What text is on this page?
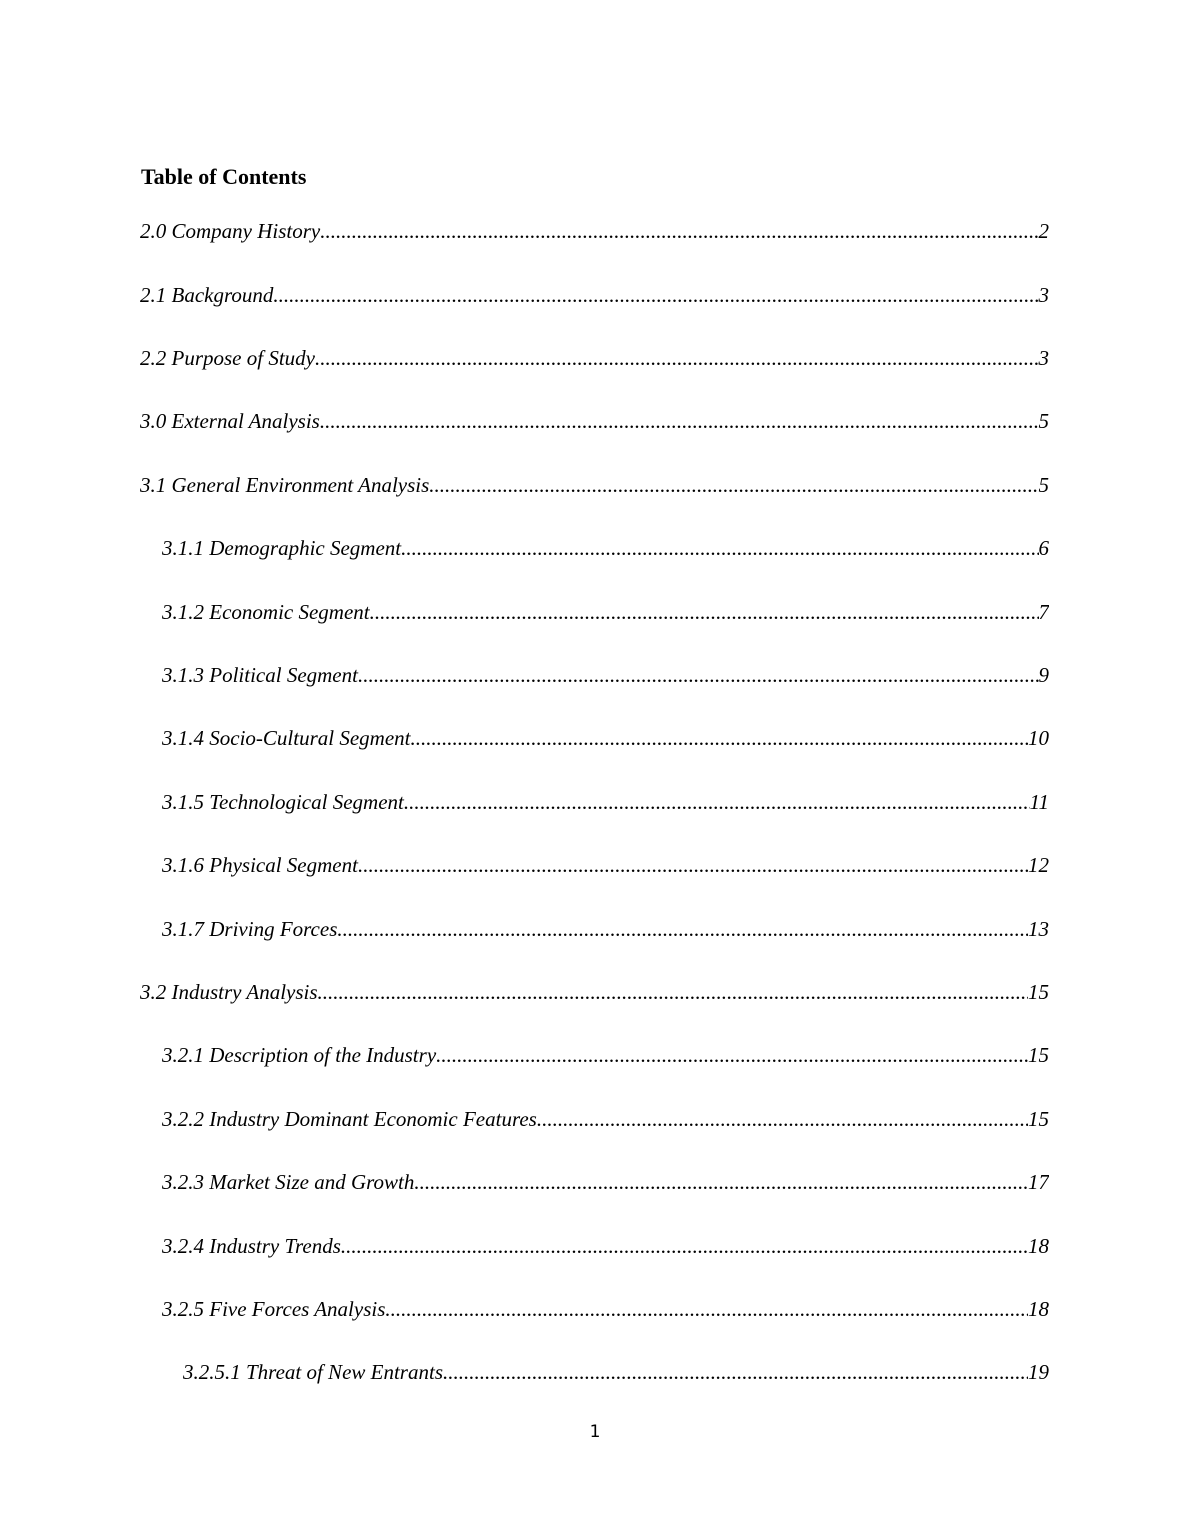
Table of Contents
2.0 Company History .....	2
2.1 Background .....	3
2.2 Purpose of Study .....	3
3.0 External Analysis .....	5
3.1 General Environment Analysis .....	5
3.1.1 Demographic Segment .....	6
3.1.2 Economic Segment .....	7
3.1.3 Political Segment .....	9
3.1.4 Socio-Cultural Segment .....	10
3.1.5 Technological Segment .....	11
3.1.6 Physical Segment .....	12
3.1.7 Driving Forces .....	13
3.2 Industry Analysis .....	15
3.2.1 Description of the Industry .....	15
3.2.2 Industry Dominant Economic Features .....	15
3.2.3 Market Size and Growth .....	17
3.2.4 Industry Trends .....	18
3.2.5 Five Forces Analysis .....	18
3.2.5.1 Threat of New Entrants .....	19
1
